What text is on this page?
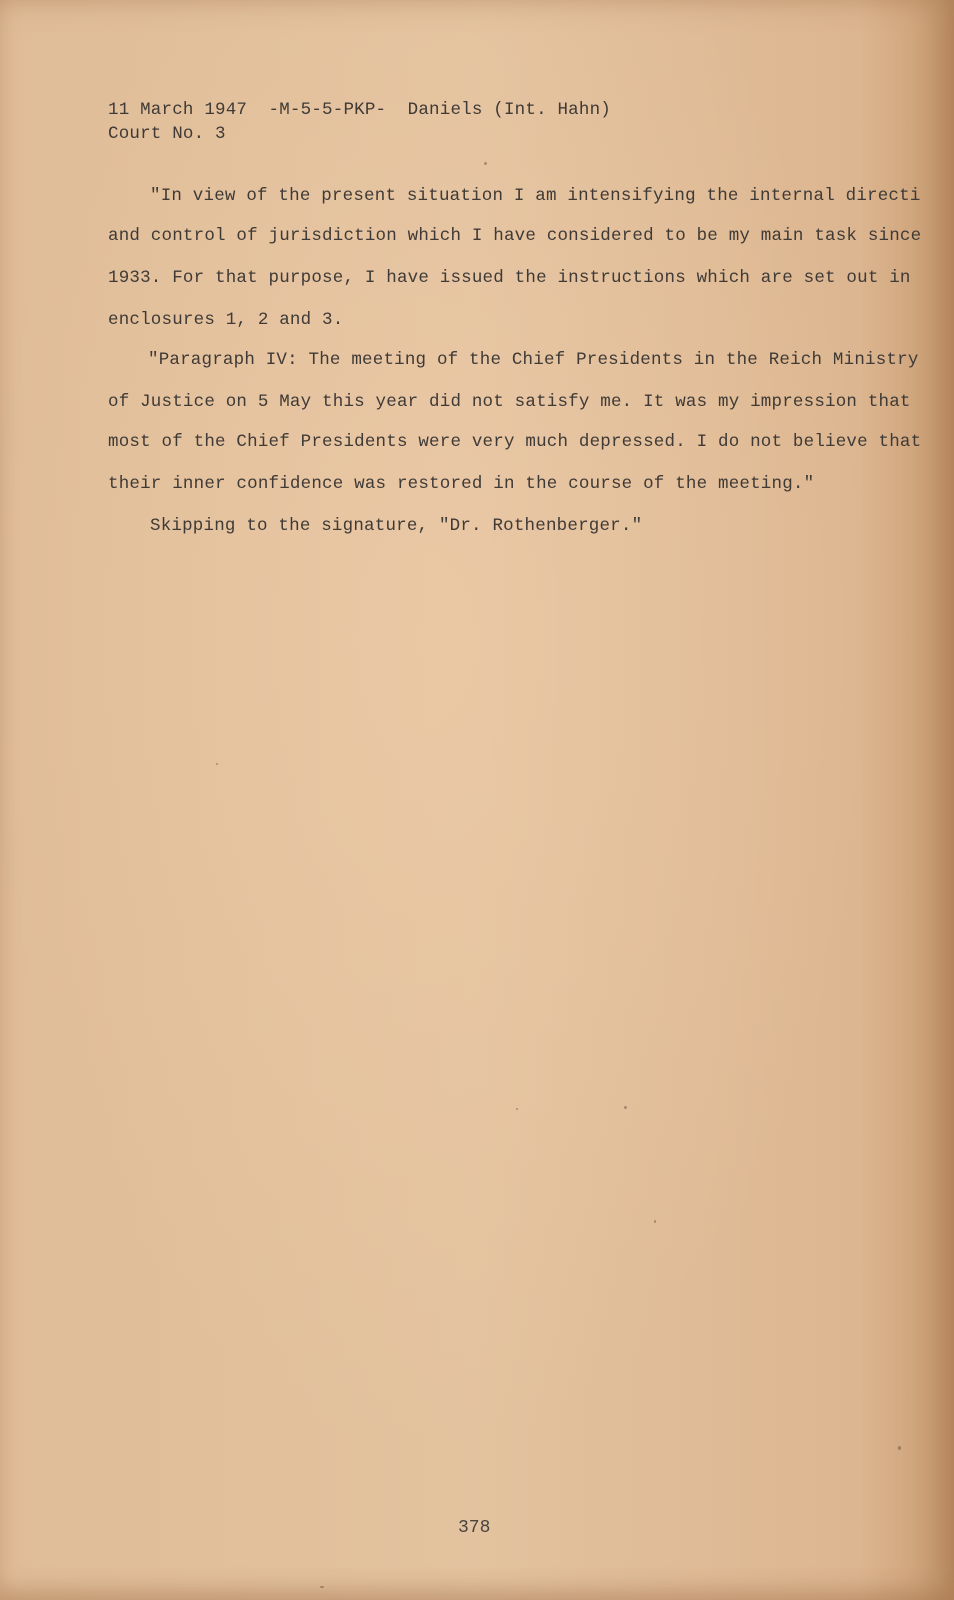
11 March 1947  -M-5-5-PKP-  Daniels (Int. Hahn)
Court No. 3
"In view of the present situation I am intensifying the internal directi
and control of jurisdiction which I have considered to be my main task since
1933. For that purpose, I have issued the instructions which are set out in
enclosures 1, 2 and 3.
"Paragraph IV: The meeting of the Chief Presidents in the Reich Ministry
of Justice on 5 May this year did not satisfy me. It was my impression that
most of the Chief Presidents were very much depressed. I do not believe that
their inner confidence was restored in the course of the meeting."
Skipping to the signature, "Dr. Rothenberger."
378
